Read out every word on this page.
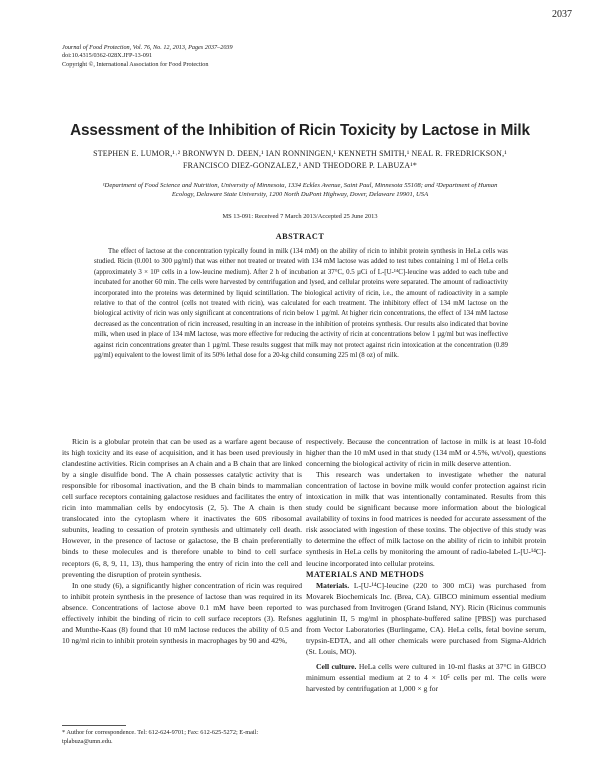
2037
Journal of Food Protection, Vol. 76, No. 12, 2013, Pages 2037–2039
doi:10.4315/0362-028X.JFP-13-091
Copyright ©, International Association for Food Protection
Assessment of the Inhibition of Ricin Toxicity by Lactose in Milk
STEPHEN E. LUMOR,¹˒² BRONWYN D. DEEN,¹ IAN RONNINGEN,¹ KENNETH SMITH,¹ NEAL R. FREDRICKSON,¹
FRANCISCO DIEZ-GONZALEZ,¹ AND THEODORE P. LABUZA¹*
¹Department of Food Science and Nutrition, University of Minnesota, 1334 Eckles Avenue, Saint Paul, Minnesota 55108; and ²Department of Human
Ecology, Delaware State University, 1200 North DuPont Highway, Dover, Delaware 19901, USA
MS 13-091: Received 7 March 2013/Accepted 25 June 2013
ABSTRACT

The effect of lactose at the concentration typically found in milk (134 mM) on the ability of ricin to inhibit protein synthesis in HeLa cells was studied. Ricin (0.001 to 300 µg/ml) that was either not treated or treated with 134 mM lactose was added to test tubes containing 1 ml of HeLa cells (approximately 3 × 10⁵ cells in a low-leucine medium). After 2 h of incubation at 37°C, 0.5 µCi of L-[U-¹⁴C]-leucine was added to each tube and incubated for another 60 min. The cells were harvested by centrifugation and lysed, and cellular proteins were separated. The amount of radioactivity incorporated into the proteins was determined by liquid scintillation. The biological activity of ricin, i.e., the amount of radioactivity in a sample relative to that of the control (cells not treated with ricin), was calculated for each treatment. The inhibitory effect of 134 mM lactose on the biological activity of ricin was only significant at concentrations of ricin below 1 µg/ml. At higher ricin concentrations, the effect of 134 mM lactose decreased as the concentration of ricin increased, resulting in an increase in the inhibition of proteins synthesis. Our results also indicated that bovine milk, when used in place of 134 mM lactose, was more effective for reducing the activity of ricin at concentrations below 1 µg/ml but was ineffective against ricin concentrations greater than 1 µg/ml. These results suggest that milk may not protect against ricin intoxication at the concentration (0.89 µg/ml) equivalent to the lowest limit of its 50% lethal dose for a 20-kg child consuming 225 ml (8 oz) of milk.

Ricin is a globular protein that can be used as a warfare agent because of its high toxicity and its ease of acquisition, and it has been used previously in clandestine activities. Ricin comprises an A chain and a B chain that are linked by a single disulfide bond. The A chain possesses catalytic activity that is responsible for ribosomal inactivation, and the B chain binds to mammalian cell surface receptors containing galactose residues and facilitates the entry of ricin into mammalian cells by endocytosis (2, 5). The A chain is then translocated into the cytoplasm where it inactivates the 60S ribosomal subunits, leading to cessation of protein synthesis and ultimately cell death. However, in the presence of lactose or galactose, the B chain preferentially binds to these molecules and is therefore unable to bind to cell surface receptors (6, 8, 9, 11, 13), thus hampering the entry of ricin into the cell and preventing the disruption of protein synthesis.

In one study (6), a significantly higher concentration of ricin was required to inhibit protein synthesis in the presence of lactose than was required in its absence. Concentrations of lactose above 0.1 mM have been reported to effectively inhibit the binding of ricin to cell surface receptors (3). Refsnes and Munthe-Kaas (8) found that 10 mM lactose reduces the ability of 0.5 and 10 ng/ml ricin to inhibit protein synthesis in macrophages by 90 and 42%,

respectively. Because the concentration of lactose in milk is at least 10-fold higher than the 10 mM used in that study (134 mM or 4.5%, wt/vol), questions concerning the biological activity of ricin in milk deserve attention.

This research was undertaken to investigate whether the natural concentration of lactose in bovine milk would confer protection against ricin intoxication in milk that was intentionally contaminated. Results from this study could be significant because more information about the biological availability of toxins in food matrices is needed for accurate assessment of the risk associated with ingestion of these toxins. The objective of this study was to determine the effect of milk lactose on the ability of ricin to inhibit protein synthesis in HeLa cells by monitoring the amount of radio-labeled L-[U-¹⁴C]-leucine incorporated into cellular proteins.

MATERIALS AND METHODS

Materials. L-[U-¹⁴C]-leucine (220 to 300 mCi) was purchased from Movarek Biochemicals Inc. (Brea, CA). GIBCO minimum essential medium was purchased from Invitrogen (Grand Island, NY). Ricin (Ricinus communis agglutinin II, 5 mg/ml in phosphate-buffered saline [PBS]) was purchased from Vector Laboratories (Burlingame, CA). HeLa cells, fetal bovine serum, trypsin-EDTA, and all other chemicals were purchased from Sigma-Aldrich (St. Louis, MO).

Cell culture. HeLa cells were cultured in 10-ml flasks at 37°C in GIBCO minimum essential medium at 2 to 4 × 10⁵ cells per ml. The cells were harvested by centrifugation at 1,000 × g for

* Author for correspondence. Tel: 612-624-9701; Fax: 612-625-5272; E-mail: tplabuza@umn.edu.
